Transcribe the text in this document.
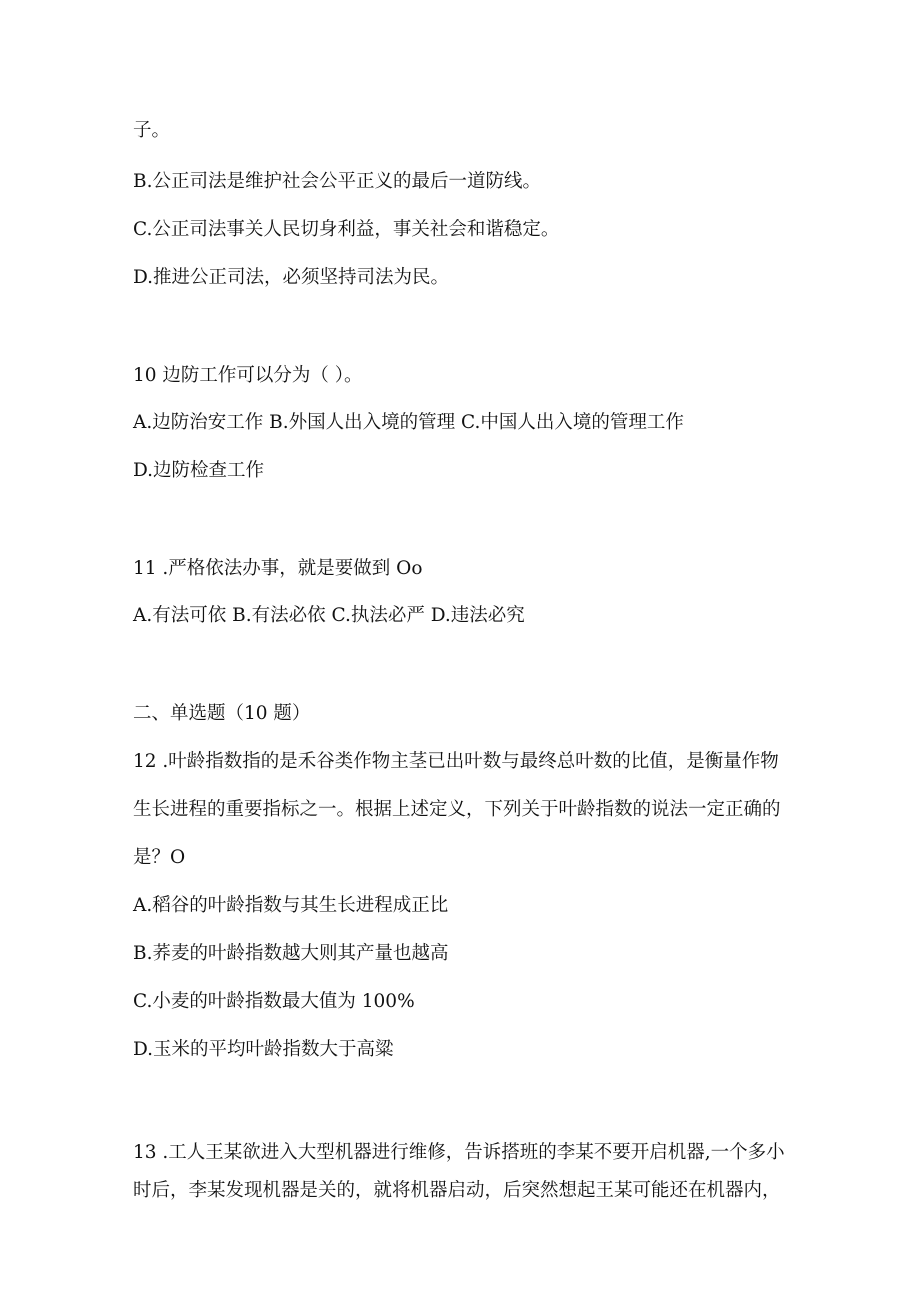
子。
B.公正司法是维护社会公平正义的最后一道防线。
C.公正司法事关人民切身利益，事关社会和谐稳定。
D.推进公正司法，必须坚持司法为民。
10 边防工作可以分为（ ）。
A.边防治安工作 B.外国人出入境的管理 C.中国人出入境的管理工作
D.边防检查工作
11 .严格依法办事，就是要做到 Oo
A.有法可依 B.有法必依 C.执法必严 D.违法必究
二、单选题（10 题）
12 .叶龄指数指的是禾谷类作物主茎已出叶数与最终总叶数的比值，是衡量作物
生长进程的重要指标之一。根据上述定义，下列关于叶龄指数的说法一定正确的
是？O
A.稻谷的叶龄指数与其生长进程成正比
B.荞麦的叶龄指数越大则其产量也越高
C.小麦的叶龄指数最大值为 100%
D.玉米的平均叶龄指数大于高粱
13 .工人王某欲进入大型机器进行维修，告诉搭班的李某不要开启机器,一个多小
时后，李某发现机器是关的，就将机器启动，后突然想起王某可能还在机器内，
